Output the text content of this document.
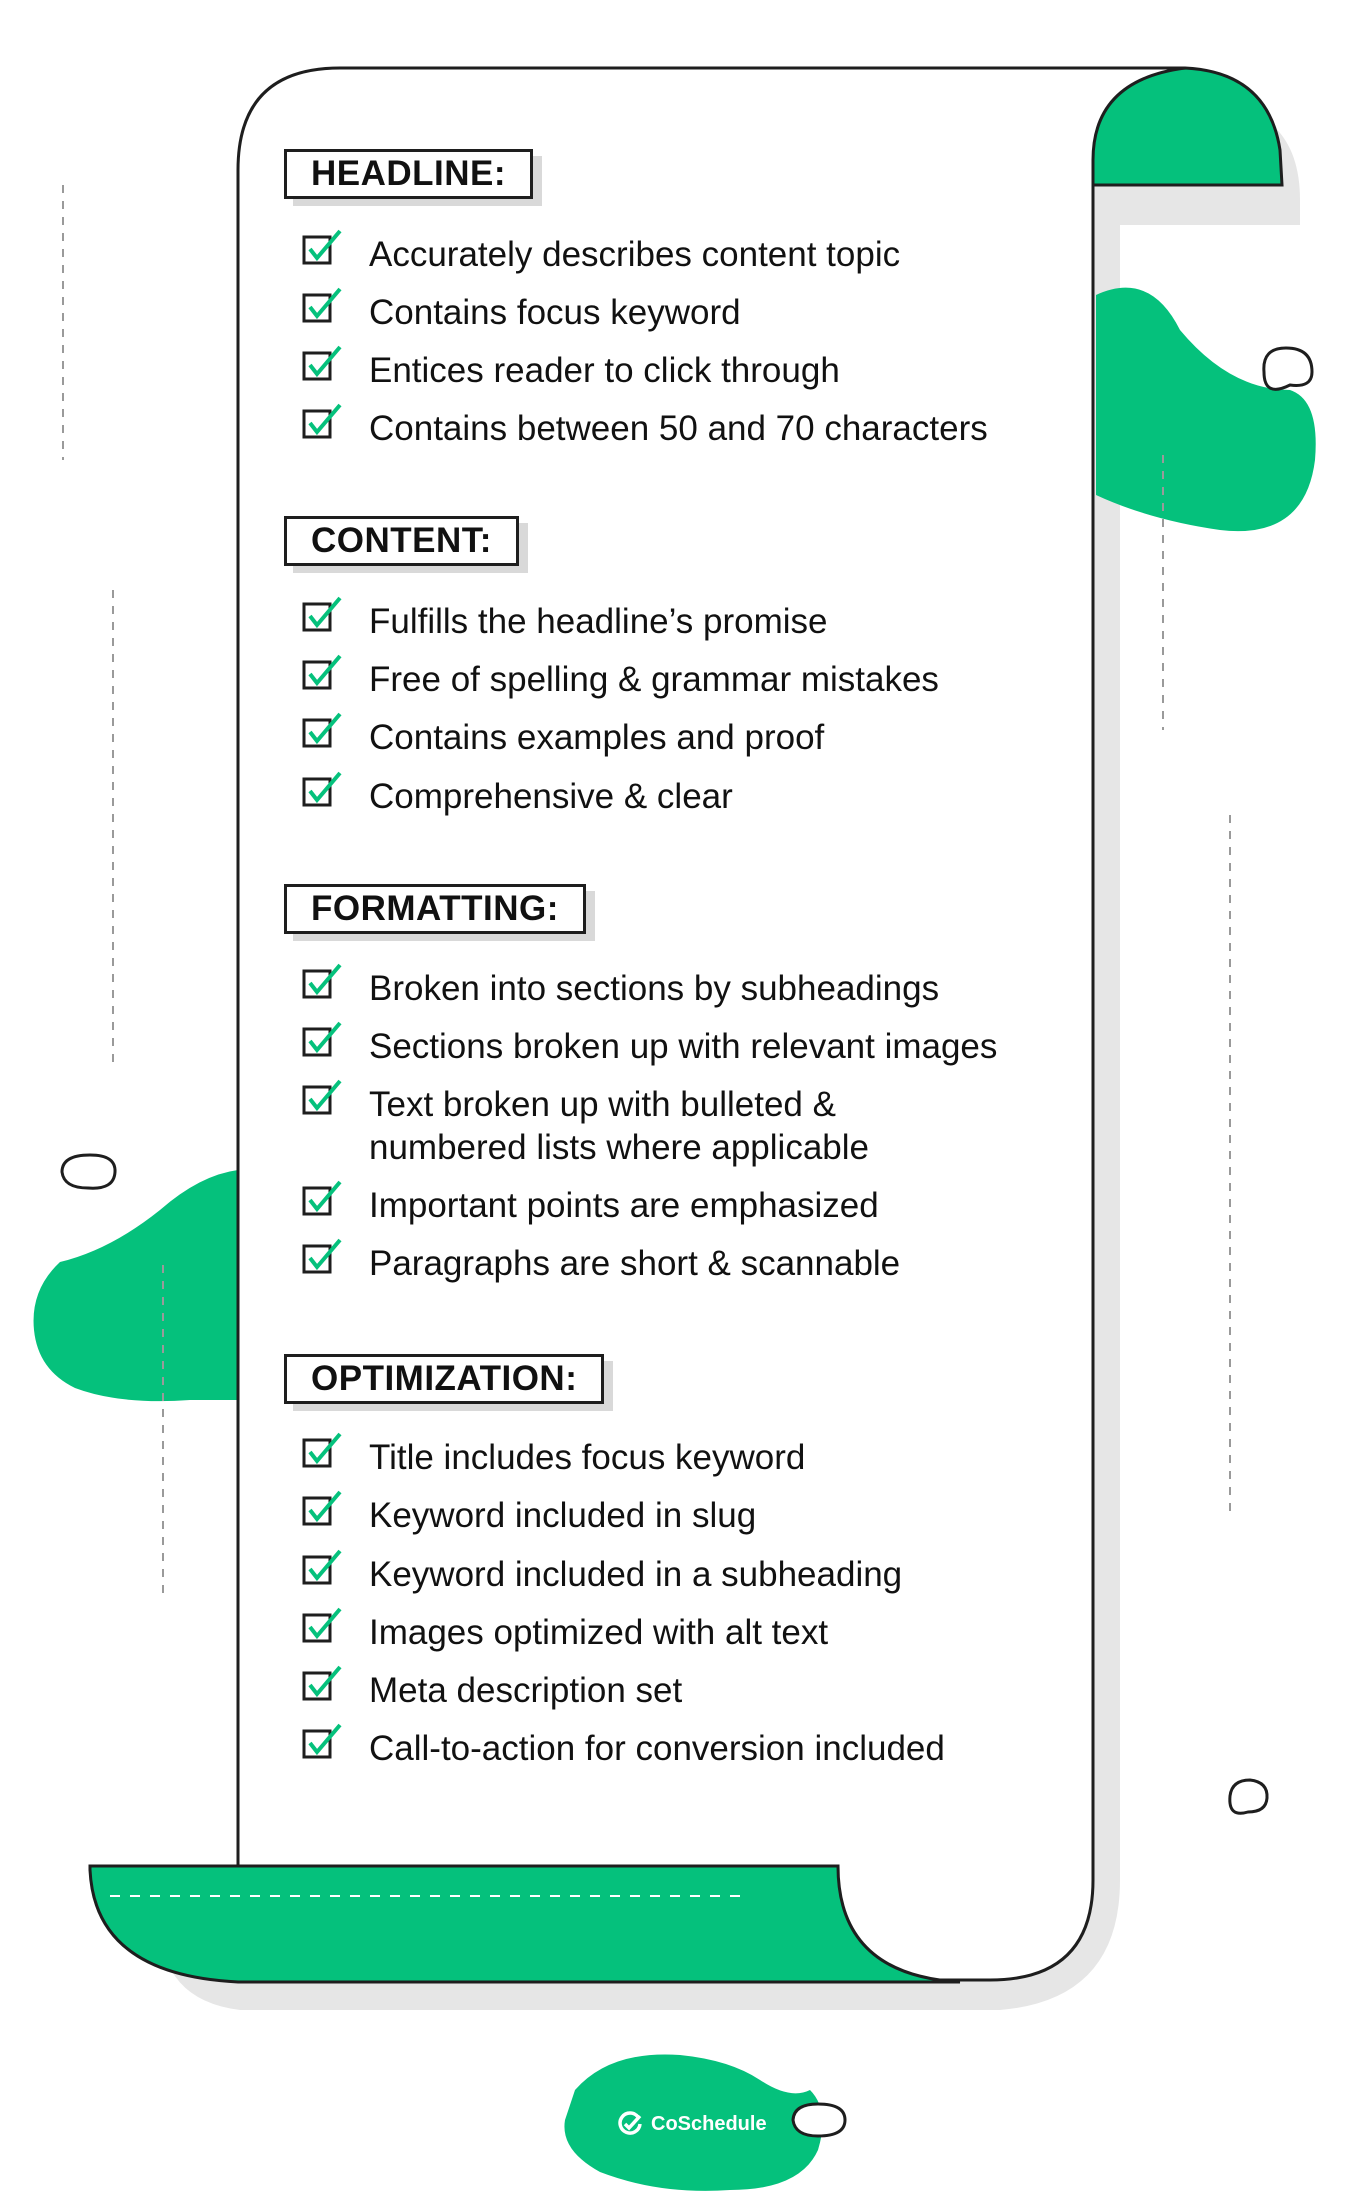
HEADLINE:
Accurately describes content topic
Contains focus keyword
Entices reader to click through
Contains between 50 and 70 characters
CONTENT:
Fulfills the headline’s promise
Free of spelling & grammar mistakes
Contains examples and proof
Comprehensive & clear
FORMATTING:
Broken into sections by subheadings
Sections broken up with relevant images
Text broken up with bulleted & numbered lists where applicable
Important points are emphasized
Paragraphs are short & scannable
OPTIMIZATION:
Title includes focus keyword
Keyword included in slug
Keyword included in a subheading
Images optimized with alt text
Meta description set
Call-to-action for conversion included
CoSchedule
